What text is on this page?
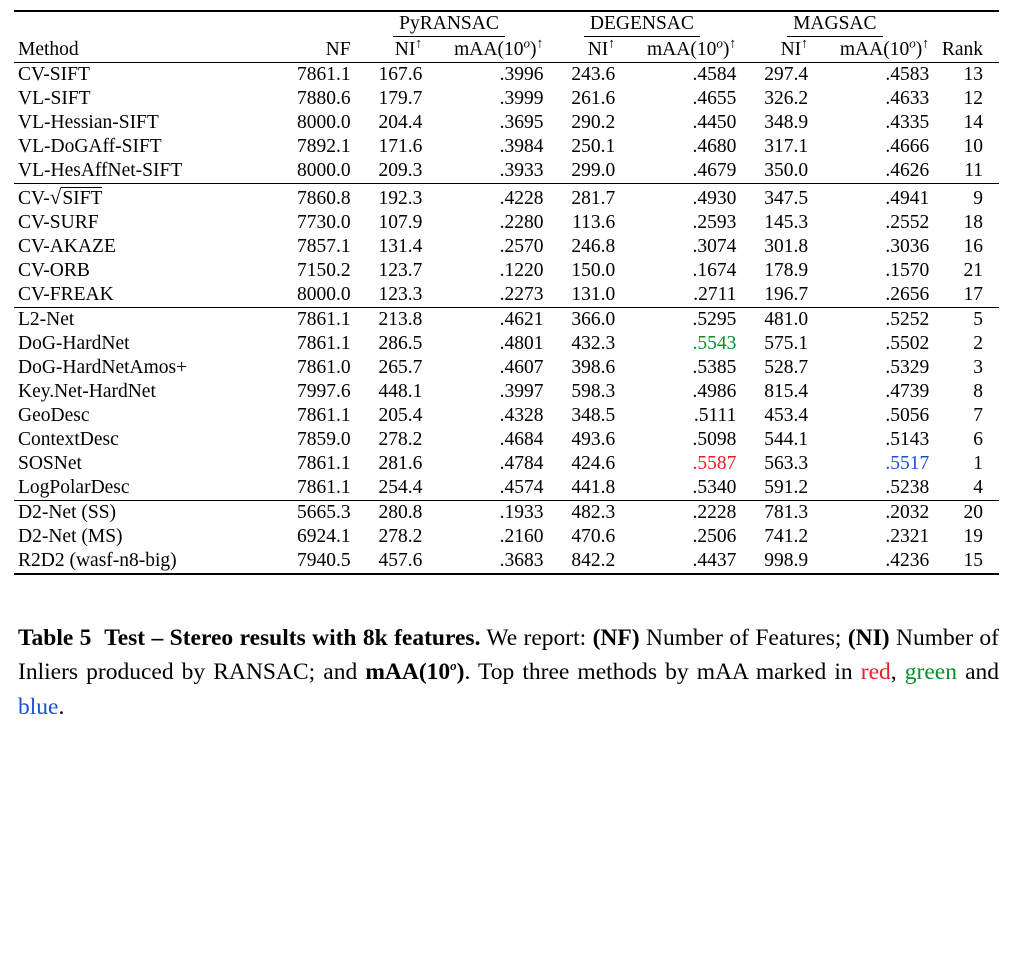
		PyRANSAC		DEGENSAC		MAGSAC		
Method	NF	NI↑	mAA(10$^o$)↑	NI↑	mAA(10$^o$)↑	NI↑	mAA(10$^o$)↑	Rank
CV-SIFT	7861.1	167.6	.3996	243.6	.4584	297.4	.4583	13
VL-SIFT	7880.6	179.7	.3999	261.6	.4655	326.2	.4633	12
VL-Hessian-SIFT	8000.0	204.4	.3695	290.2	.4450	348.9	.4335	14
VL-DoGAff-SIFT	7892.1	171.6	.3984	250.1	.4680	317.1	.4666	10
VL-HesAffNet-SIFT	8000.0	209.3	.3933	299.0	.4679	350.0	.4626	11
CV-√SIFT	7860.8	192.3	.4228	281.7	.4930	347.5	.4941	9
CV-SURF	7730.0	107.9	.2280	113.6	.2593	145.3	.2552	18
CV-AKAZE	7857.1	131.4	.2570	246.8	.3074	301.8	.3036	16
CV-ORB	7150.2	123.7	.1220	150.0	.1674	178.9	.1570	21
CV-FREAK	8000.0	123.3	.2273	131.0	.2711	196.7	.2656	17
L2-Net	7861.1	213.8	.4621	366.0	.5295	481.0	.5252	5
DoG-HardNet	7861.1	286.5	.4801	432.3	.5543	575.1	.5502	2
DoG-HardNetAmos+	7861.0	265.7	.4607	398.6	.5385	528.7	.5329	3
Key.Net-HardNet	7997.6	448.1	.3997	598.3	.4986	815.4	.4739	8
GeoDesc	7861.1	205.4	.4328	348.5	.5111	453.4	.5056	7
ContextDesc	7859.0	278.2	.4684	493.6	.5098	544.1	.5143	6
SOSNet	7861.1	281.6	.4784	424.6	.5587	563.3	.5517	1
LogPolarDesc	7861.1	254.4	.4574	441.8	.5340	591.2	.5238	4
D2-Net (SS)	5665.3	280.8	.1933	482.3	.2228	781.3	.2032	20
D2-Net (MS)	6924.1	278.2	.2160	470.6	.2506	741.2	.2321	19
R2D2 (wasf-n8-big)	7940.5	457.6	.3683	842.2	.4437	998.9	.4236	15
Table 5 Test – Stereo results with 8k features. We report: (NF) Number of Features; (NI) Number of Inliers produced by RANSAC; and mAA(10$^o$). Top three methods by mAA marked in red, green and blue.
